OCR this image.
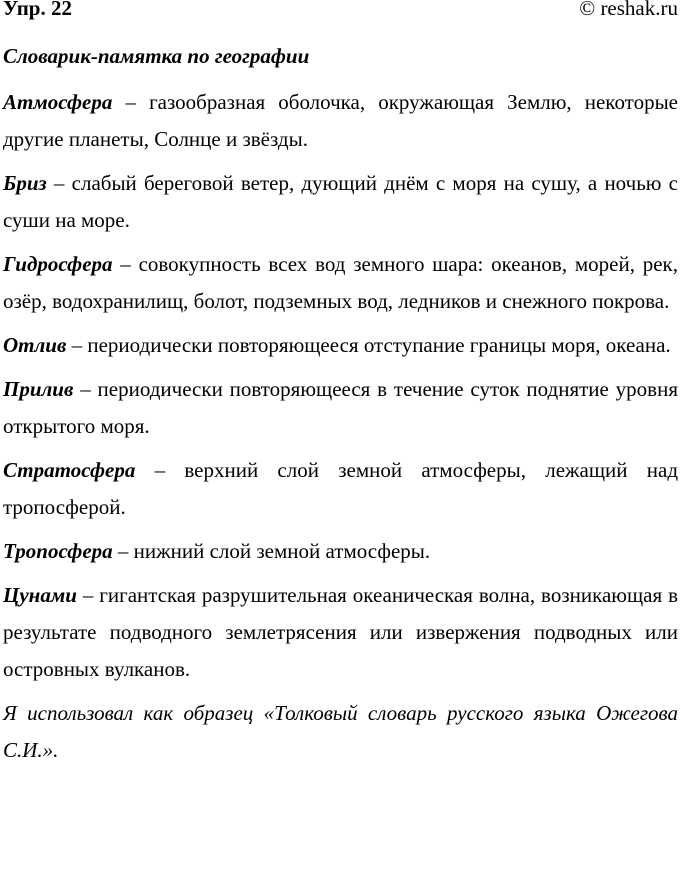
Упр. 22	© reshak.ru
Словарик-памятка по географии

Атмосфера – газообразная оболочка, окружающая Землю, некоторые другие планеты, Солнце и звёзды.

Бриз – слабый береговой ветер, дующий днём с моря на сушу, а ночью с суши на море.

Гидросфера – совокупность всех вод земного шара: океанов, морей, рек, озёр, водохранилищ, болот, подземных вод, ледников и снежного покрова.

Отлив – периодически повторяющееся отступание границы моря, океана.

Прилив – периодически повторяющееся в течение суток поднятие уровня открытого моря.

Стратосфера – верхний слой земной атмосферы, лежащий над тропосферой.

Тропосфера – нижний слой земной атмосферы.

Цунами – гигантская разрушительная океаническая волна, возникающая в результате подводного землетрясения или извержения подводных или островных вулканов.

Я использовал как образец «Толковый словарь русского языка Ожегова С.И.».
